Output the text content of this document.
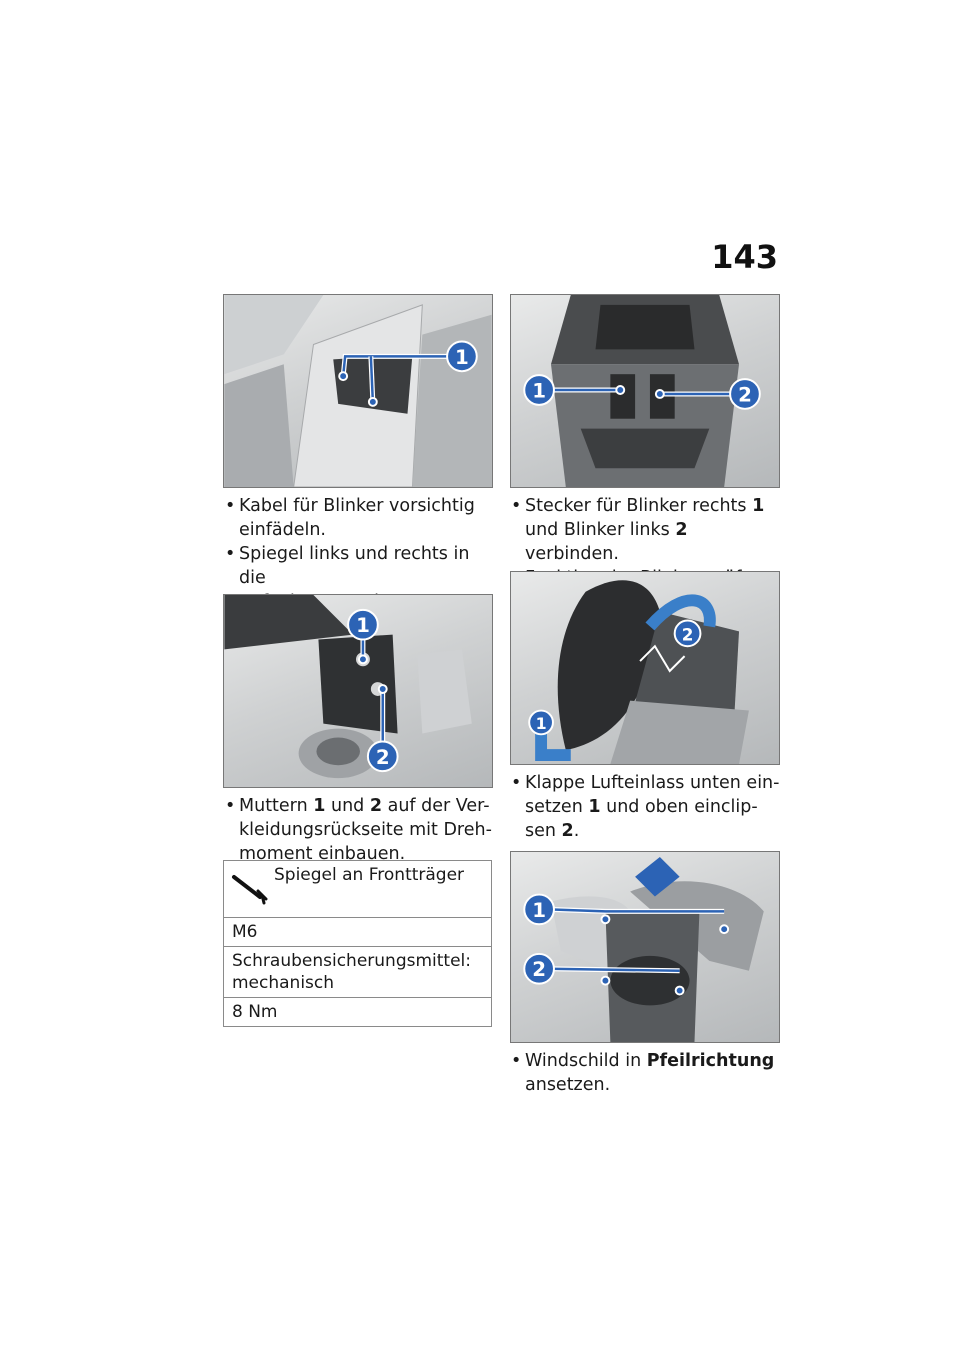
143
1
1	2
• Kabel für Blinker vorsichtig
einfädeln.
• Spiegel links und rechts in die

• Stecker für Blinker rechts 1
und Blinker links 2 verbinden.
1
2
1
2
• Muttern 1 und 2 auf der Ver-
kleidungsrückseite mit Dreh-
moment einbauen.
• Klappe Lufteinlass unten ein-
setzen 1 und oben einclip-
sen 2.
Spiegel an Frontträger
M6
Schraubensicherungsmittel: mechanisch
8 Nm
1
2
• Windschild in Pfeilrichtung
ansetzen.
